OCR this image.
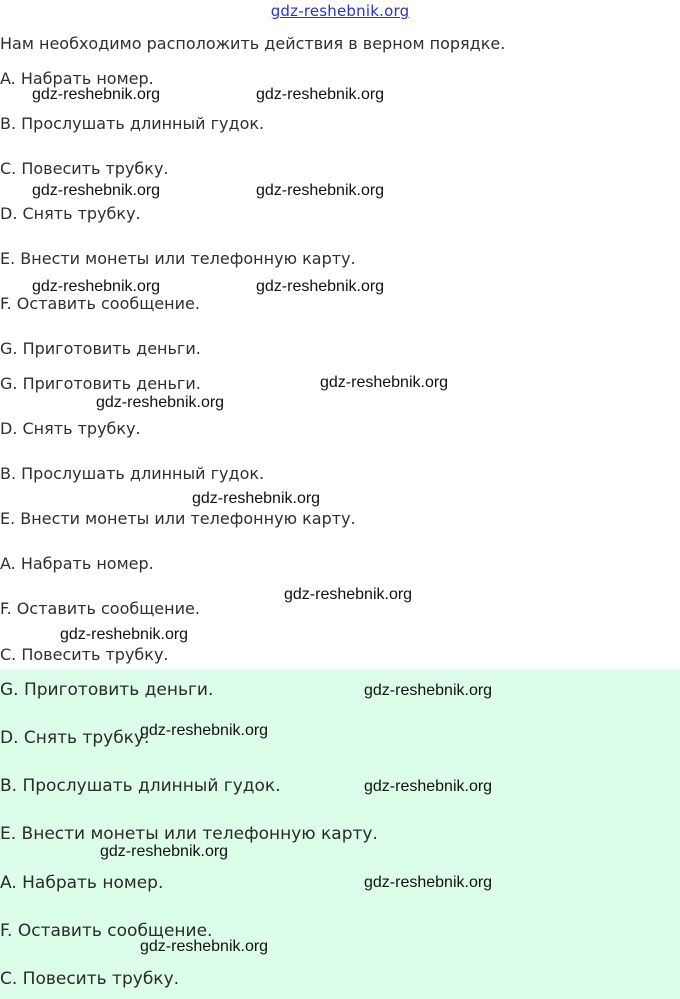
gdz-reshebnik.org
Нам необходимо расположить действия в верном порядке.
A. Набрать номер.
B. Прослушать длинный гудок.
C. Повесить трубку.
D. Снять трубку.
E. Внести монеты или телефонную карту.
F. Оставить сообщение.
G. Приготовить деньги.
G. Приготовить деньги.
D. Снять трубку.
B. Прослушать длинный гудок.
E. Внести монеты или телефонную карту.
A. Набрать номер.
F. Оставить сообщение.
C. Повесить трубку.
G. Приготовить деньги.
D. Снять трубку.
B. Прослушать длинный гудок.
E. Внести монеты или телефонную карту.
A. Набрать номер.
F. Оставить сообщение.
C. Повесить трубку.
gdz-reshebnik.org	gdz-reshebnik.org
gdz-reshebnik.org	gdz-reshebnik.org
gdz-reshebnik.org	gdz-reshebnik.org
gdz-reshebnik.org
gdz-reshebnik.org
gdz-reshebnik.org
gdz-reshebnik.org
gdz-reshebnik.org
gdz-reshebnik.org
gdz-reshebnik.org
gdz-reshebnik.org
gdz-reshebnik.org
gdz-reshebnik.org
gdz-reshebnik.org
